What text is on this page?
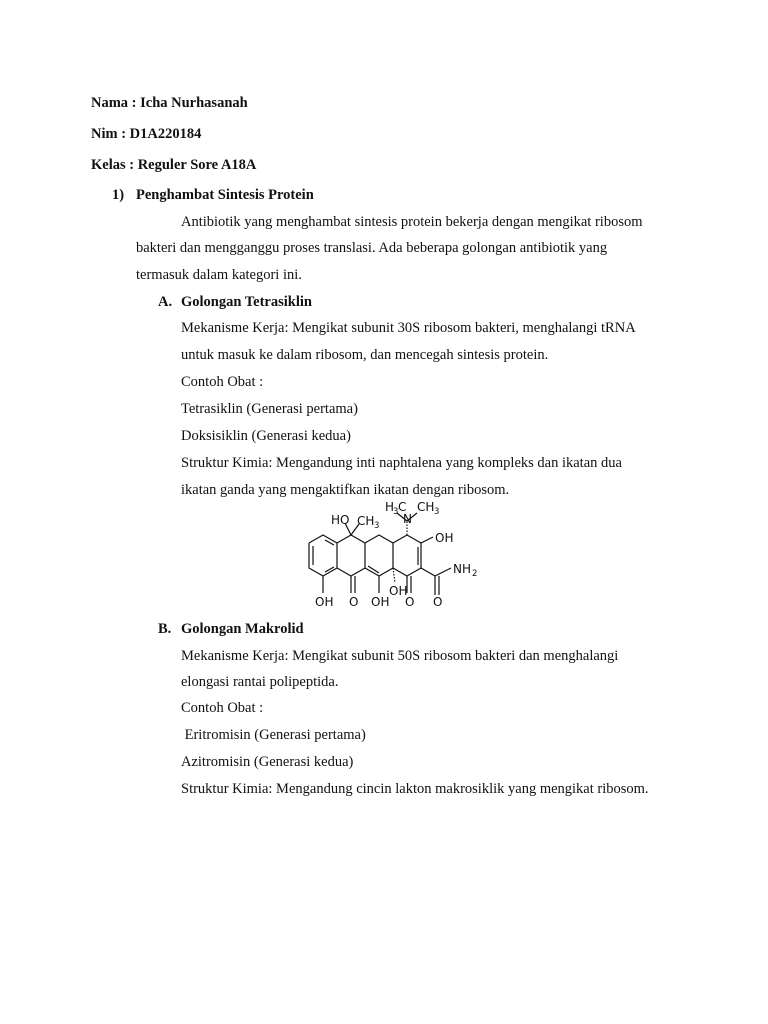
Nama : Icha Nurhasanah
Nim : D1A220184
Kelas : Reguler Sore A18A
1) Penghambat Sintesis Protein
Antibiotik yang menghambat sintesis protein bekerja dengan mengikat ribosom
bakteri dan mengganggu proses translasi. Ada beberapa golongan antibiotik yang
termasuk dalam kategori ini.
A. Golongan Tetrasiklin
Mekanisme Kerja: Mengikat subunit 30S ribosom bakteri, menghalangi tRNA
untuk masuk ke dalam ribosom, dan mencegah sintesis protein.
Contoh Obat :
Tetrasiklin (Generasi pertama)
Doksisiklin (Generasi kedua)
Struktur Kimia: Mengandung inti naphtalena yang kompleks dan ikatan dua
ikatan ganda yang mengaktifkan ikatan dengan ribosom.
HO CH 3
H
3 C
N
CH 3
OH
NH 2
OH O OH
OH
O O
B. Golongan Makrolid
Mekanisme Kerja: Mengikat subunit 50S ribosom bakteri dan menghalangi
elongasi rantai polipeptida.
Contoh Obat :
Eritromisin (Generasi pertama)
Azitromisin (Generasi kedua)
Struktur Kimia: Mengandung cincin lakton makrosiklik yang mengikat ribosom.
